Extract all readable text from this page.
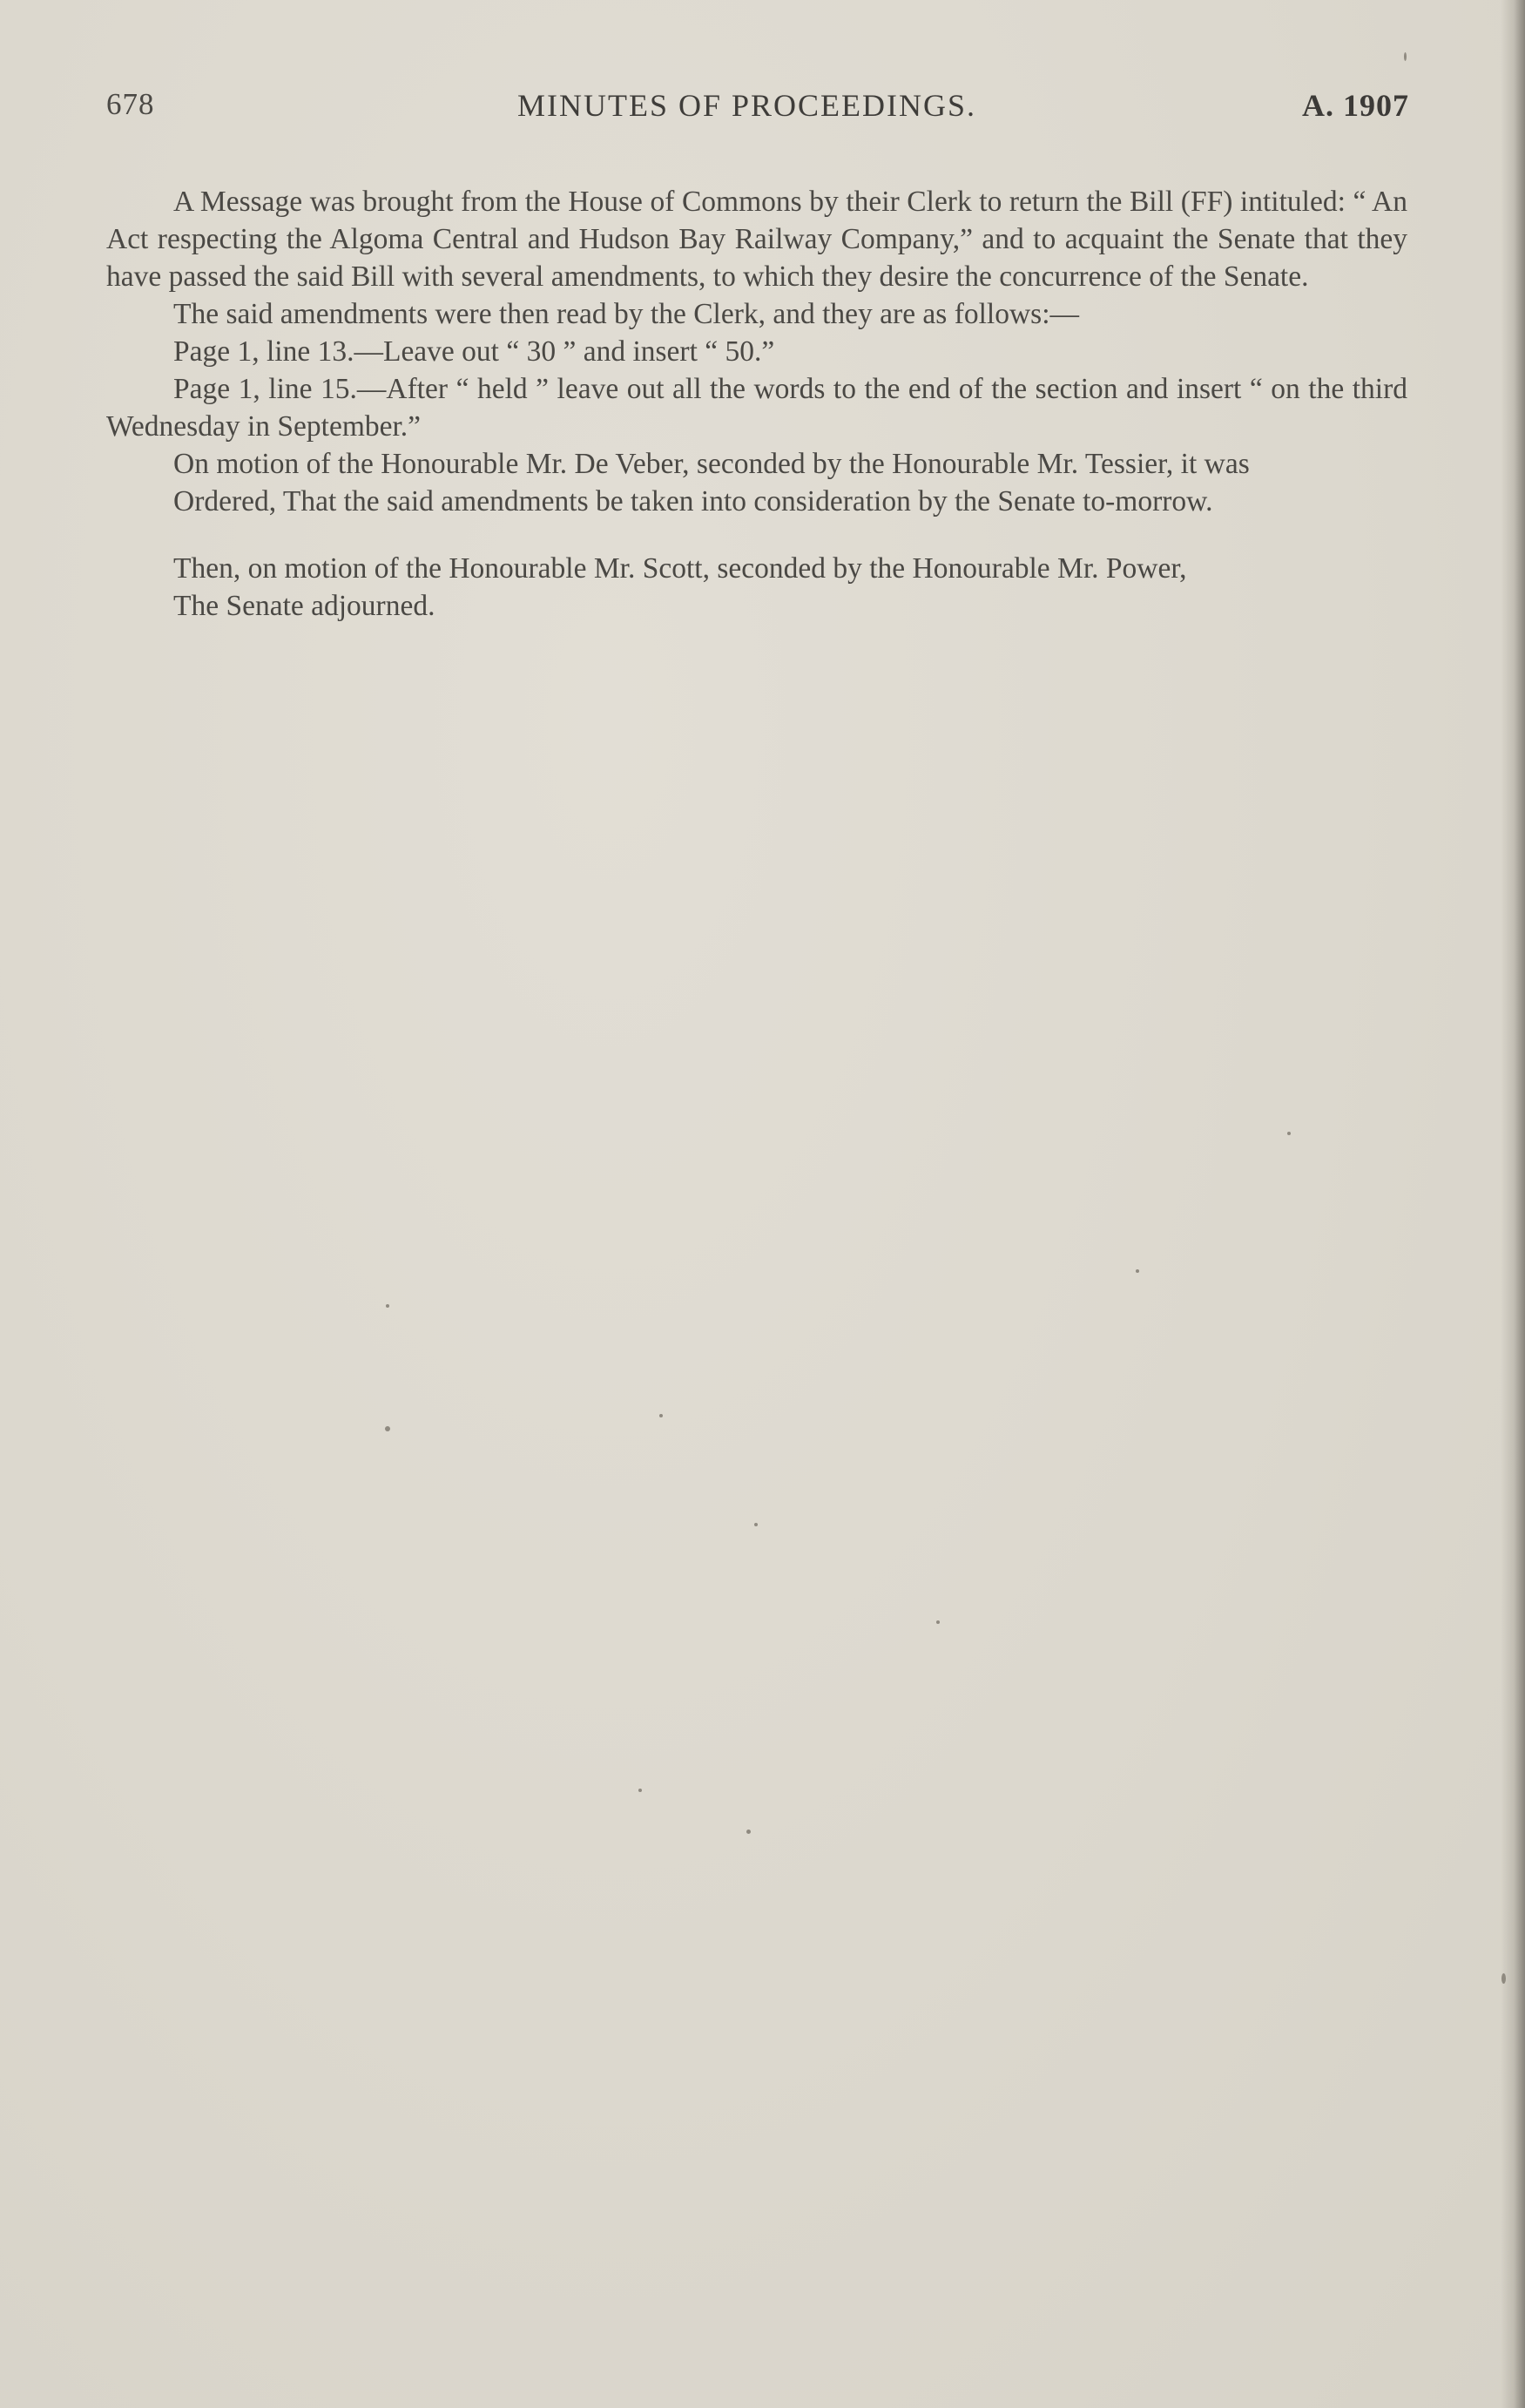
678	MINUTES OF PROCEEDINGS.	A. 1907

A Message was brought from the House of Commons by their Clerk to return the Bill (FF) intituled: “ An Act respecting the Algoma Central and Hudson Bay Railway Company,” and to acquaint the Senate that they have passed the said Bill with several amendments, to which they desire the concurrence of the Senate.

The said amendments were then read by the Clerk, and they are as follows:—

Page 1, line 13.—Leave out “ 30 ” and insert “ 50.”

Page 1, line 15.—After “ held ” leave out all the words to the end of the section and insert “ on the third Wednesday in September.”

On motion of the Honourable Mr. De Veber, seconded by the Honourable Mr. Tessier, it was

Ordered, That the said amendments be taken into consideration by the Senate to-morrow.

Then, on motion of the Honourable Mr. Scott, seconded by the Honourable Mr. Power,

The Senate adjourned.
